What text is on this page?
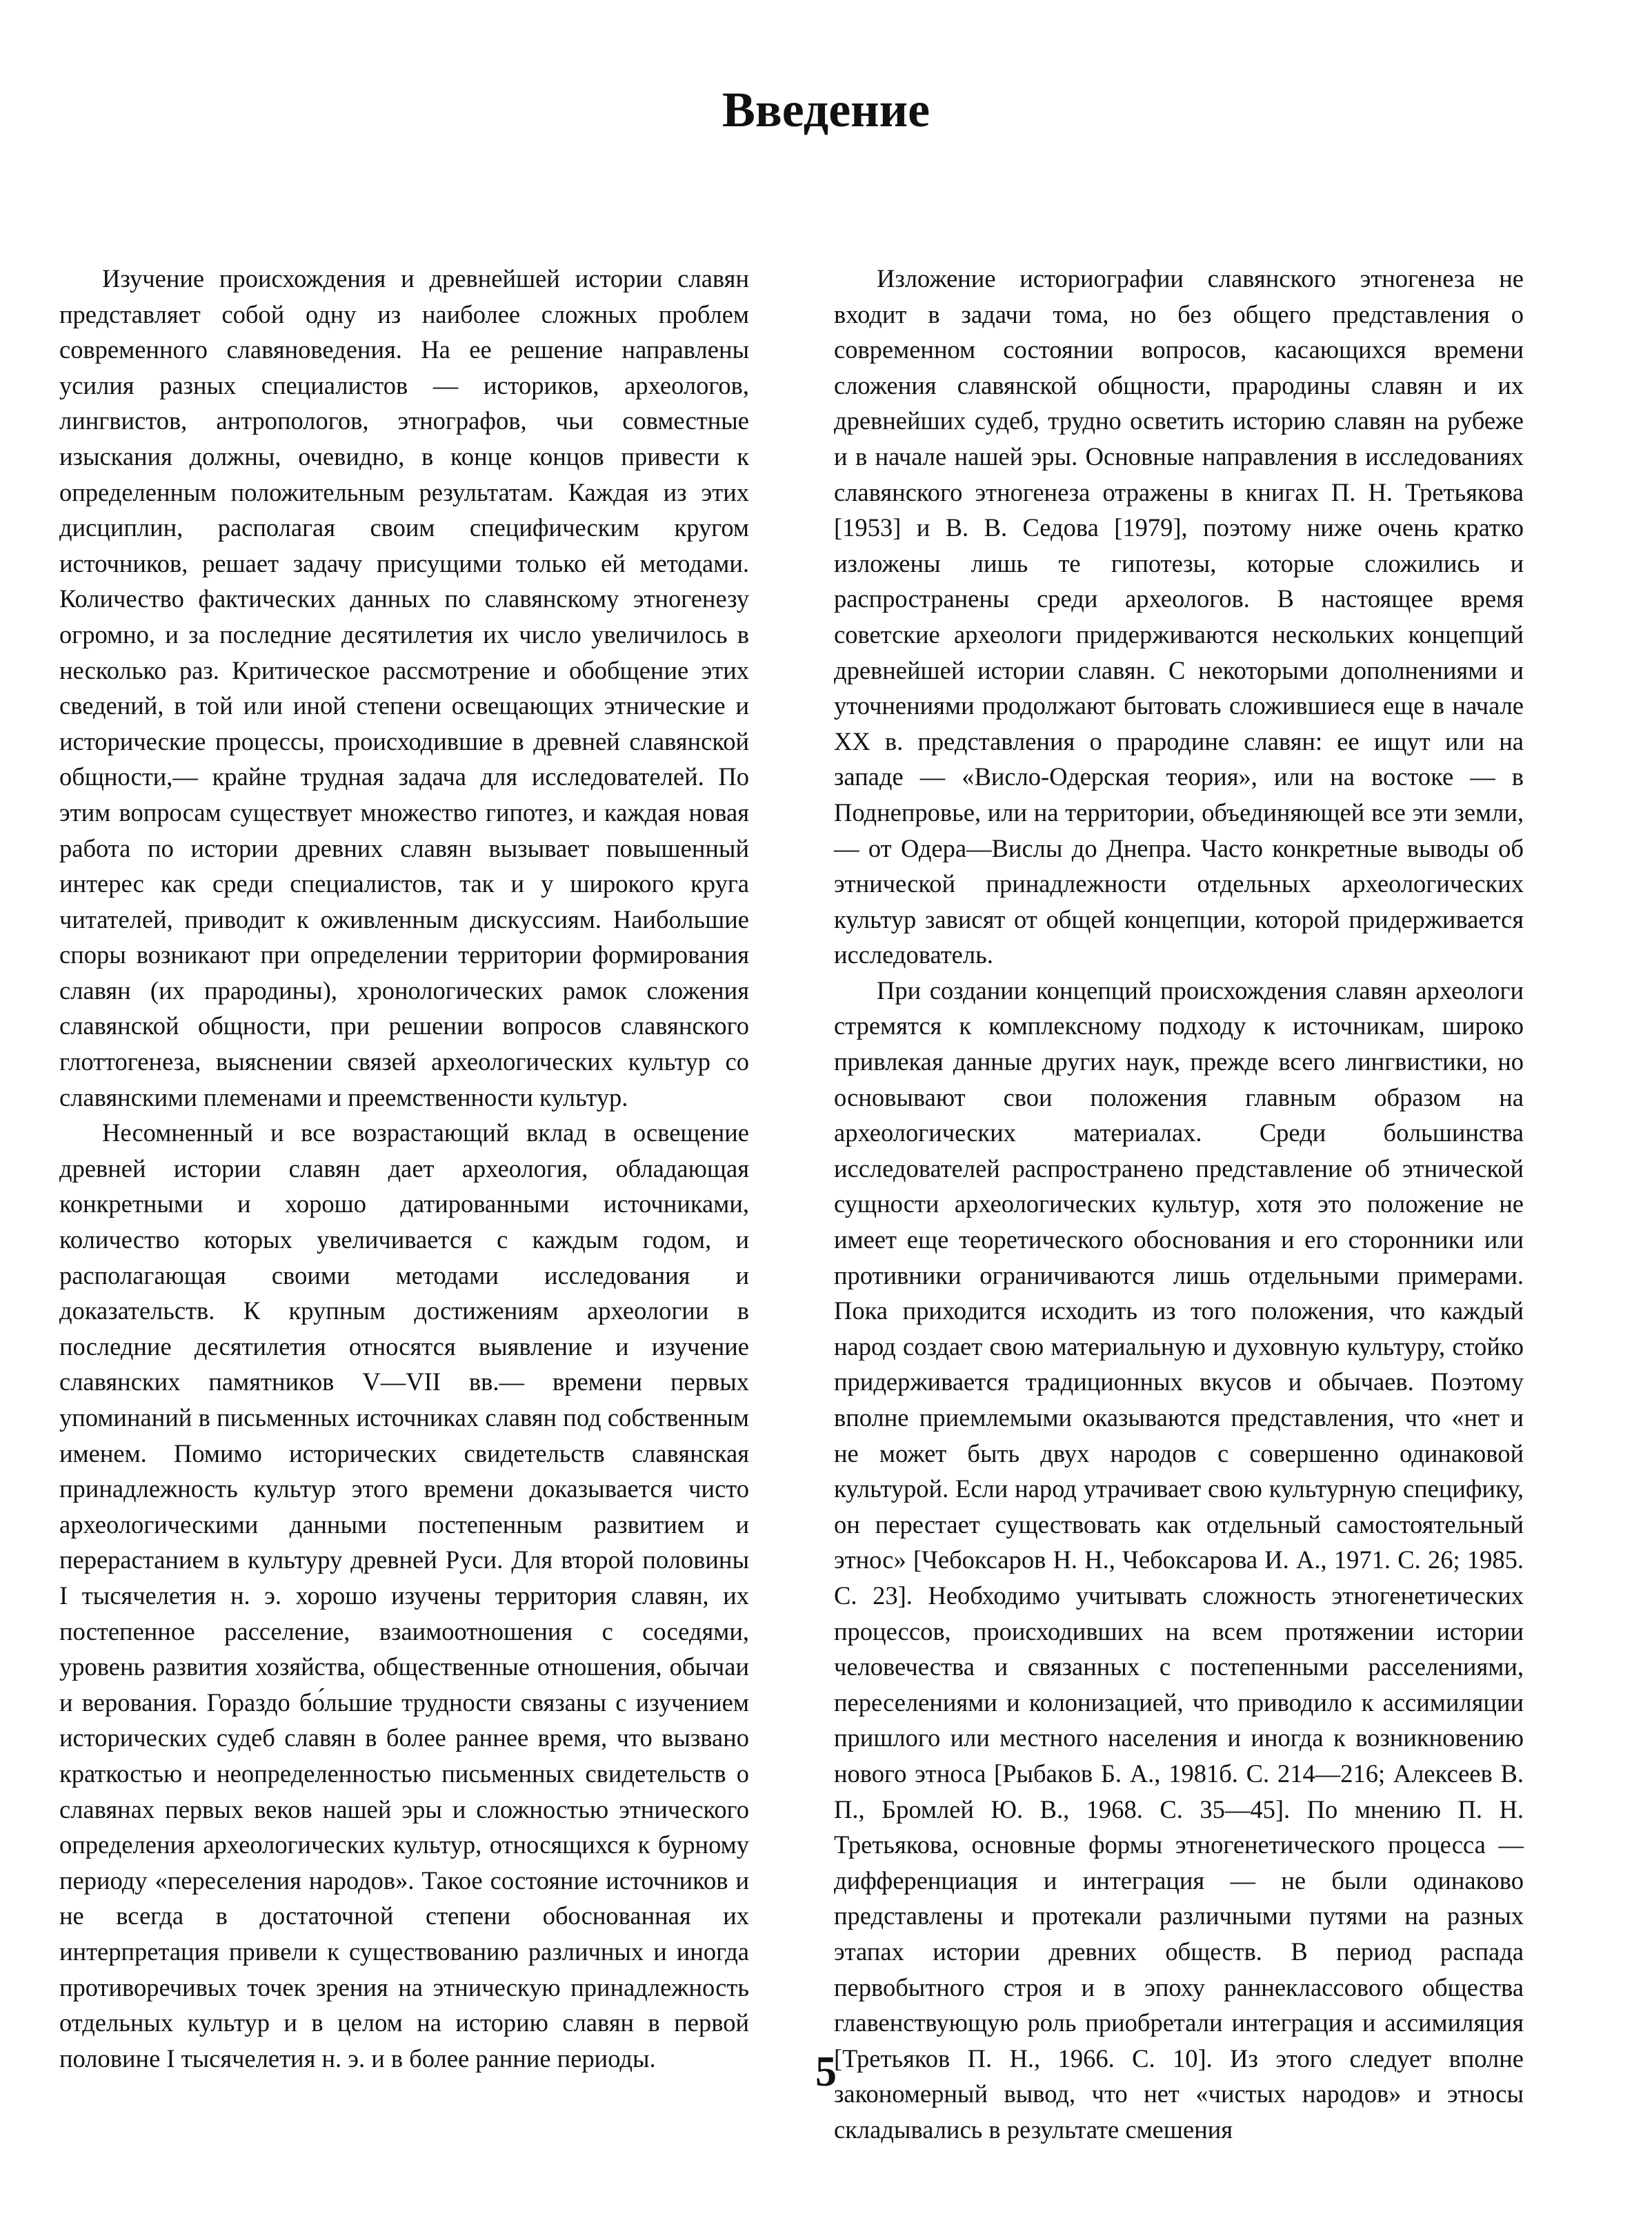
Введение

Изучение происхождения и древнейшей истории славян представляет собой одну из наиболее сложных проблем современного славяноведения. На ее решение направлены усилия разных специалистов — историков, археологов, лингвистов, антропологов, этнографов, чьи совместные изыскания должны, очевидно, в конце концов привести к определенным положительным результатам. Каждая из этих дисциплин, располагая своим специфическим кругом источников, решает задачу присущими только ей методами. Количество фактических данных по славянскому этногенезу огромно, и за последние десятилетия их число увеличилось в несколько раз. Критическое рассмотрение и обобщение этих сведений, в той или иной степени освещающих этнические и исторические процессы, происходившие в древней славянской общности,— крайне трудная задача для исследователей. По этим вопросам существует множество гипотез, и каждая новая работа по истории древних славян вызывает повышенный интерес как среди специалистов, так и у широкого круга читателей, приводит к оживленным дискуссиям. Наибольшие споры возникают при определении территории формирования славян (их прародины), хронологических рамок сложения славянской общности, при решении вопросов славянского глоттогенеза, выяснении связей археологических культур со славянскими племенами и преемственности культур.

Несомненный и все возрастающий вклад в освещение древней истории славян дает археология, обладающая конкретными и хорошо датированными источниками, количество которых увеличивается с каждым годом, и располагающая своими методами исследования и доказательств. К крупным достижениям археологии в последние десятилетия относятся выявление и изучение славянских памятников V—VII вв.— времени первых упоминаний в письменных источниках славян под собственным именем. Помимо исторических свидетельств славянская принадлежность культур этого времени доказывается чисто археологическими данными постепенным развитием и перерастанием в культуру древней Руси. Для второй половины I тысячелетия н. э. хорошо изучены территория славян, их постепенное расселение, взаимоотношения с соседями, уровень развития хозяйства, общественные отношения, обычаи и верования. Гораздо бо́льшие трудности связаны с изучением исторических судеб славян в более раннее время, что вызвано краткостью и неопределенностью письменных свидетельств о славянах первых веков нашей эры и сложностью этнического определения археологических культур, относящихся к бурному периоду «переселения народов». Такое состояние источников и не всегда в достаточной степени обоснованная их интерпретация привели к существованию различных и иногда противоречивых точек зрения на этническую принадлежность отдельных культур и в целом на историю славян в первой половине I тысячелетия н. э. и в более ранние периоды.

Изложение историографии славянского этногенеза не входит в задачи тома, но без общего представления о современном состоянии вопросов, касающихся времени сложения славянской общности, прародины славян и их древнейших судеб, трудно осветить историю славян на рубеже и в начале нашей эры. Основные направления в исследованиях славянского этногенеза отражены в книгах П. Н. Третьякова [1953] и В. В. Седова [1979], поэтому ниже очень кратко изложены лишь те гипотезы, которые сложились и распространены среди археологов. В настоящее время советские археологи придерживаются нескольких концепций древнейшей истории славян. С некоторыми дополнениями и уточнениями продолжают бытовать сложившиеся еще в начале XX в. представления о прародине славян: ее ищут или на западе — «Висло-Одерская теория», или на востоке — в Поднепровье, или на территории, объединяющей все эти земли,— от Одера—Вислы до Днепра. Часто конкретные выводы об этнической принадлежности отдельных археологических культур зависят от общей концепции, которой придерживается исследователь.

При создании концепций происхождения славян археологи стремятся к комплексному подходу к источникам, широко привлекая данные других наук, прежде всего лингвистики, но основывают свои положения главным образом на археологических материалах. Среди большинства исследователей распространено представление об этнической сущности археологических культур, хотя это положение не имеет еще теоретического обоснования и его сторонники или противники ограничиваются лишь отдельными примерами. Пока приходится исходить из того положения, что каждый народ создает свою материальную и духовную культуру, стойко придерживается традиционных вкусов и обычаев. Поэтому вполне приемлемыми оказываются представления, что «нет и не может быть двух народов с совершенно одинаковой культурой. Если народ утрачивает свою культурную специфику, он перестает существовать как отдельный самостоятельный этнос» [Чебоксаров Н. Н., Чебоксарова И. А., 1971. С. 26; 1985. С. 23]. Необходимо учитывать сложность этногенетических процессов, происходивших на всем протяжении истории человечества и связанных с постепенными расселениями, переселениями и колонизацией, что приводило к ассимиляции пришлого или местного населения и иногда к возникновению нового этноса [Рыбаков Б. А., 1981б. С. 214—216; Алексеев В. П., Бромлей Ю. В., 1968. С. 35—45]. По мнению П. Н. Третьякова, основные формы этногенетического процесса — дифференциация и интеграция — не были одинаково представлены и протекали различными путями на разных этапах истории древних обществ. В период распада первобытного строя и в эпоху раннеклассового общества главенствующую роль приобретали интеграция и ассимиляция [Третьяков П. Н., 1966. С. 10]. Из этого следует вполне закономерный вывод, что нет «чистых народов» и этносы складывались в результате смешения

5
